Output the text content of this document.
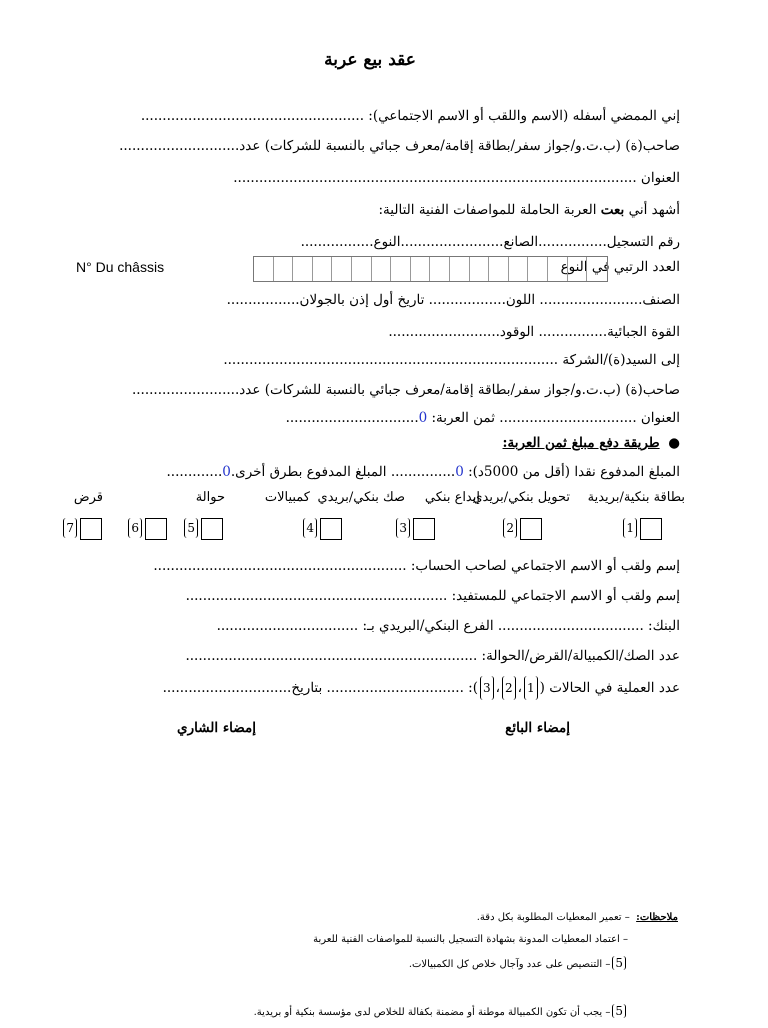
عقد بيع عربة
إني الممضي أسفله (الاسم واللقب أو الاسم الاجتماعي): ....................................................
صاحب(ة) (ب.ت.و/جواز سفر/بطاقة إقامة/معرف جبائي بالنسبة للشركات) عدد............................
العنوان ..............................................................................................
أشهد أني بعت العربة الحاملة للمواصفات الفنية التالية:
رقم التسجيل................الصانع........................النوع.................
العدد الرتبي في النوع
N° Du châssis
الصنف........................ اللون.................. تاريخ أول إذن بالجولان.................
القوة الجبائية................ الوقود..........................
إلى السيد(ة)/الشركة ..............................................................................
صاحب(ة) (ب.ت.و/جواز سفر/بطاقة إقامة/معرف جبائي بالنسبة للشركات) عدد.........................
العنوان ................................ ثمن العربة: 0...............................
●  طريقة دفع مبلغ ثمن العربة:
المبلغ المدفوع نقدا (أقل من 5000د): 0............... المبلغ المدفوع بطرق أخرى.0.............
بطاقة بنكية/بريدية
تحويل بنكي/بريدي
إيداع بنكي
صك بنكي/بريدي
كمبيالات
حوالة
قرض
1
2
3
4
5
6
7
إسم ولقب أو الاسم الاجتماعي لصاحب الحساب: ...........................................................
إسم ولقب أو الاسم الاجتماعي للمستفيد: .............................................................
البنك: .................................. الفرع البنكي/البريدي بـ: .................................
عدد الصك/الكمبيالة/القرض/الحوالة: ....................................................................
عدد العملية في الحالات (1،2،3): ................................ بتاريخ..............................
إمضاء البائع
إمضاء الشاري
ملاحظات:  – تعمير المعطيات المطلوبة بكل دقة.
– اعتماد المعطيات المدونة بشهادة التسجيل بالنسبة للمواصفات الفنية للعربة
5– التنصيص على عدد وآجال خلاص كل الكمبيالات.
5– يجب أن تكون الكمبيالة موطنة أو مضمنة بكفالة للخلاص لدى مؤسسة بنكية أو بريدية.
